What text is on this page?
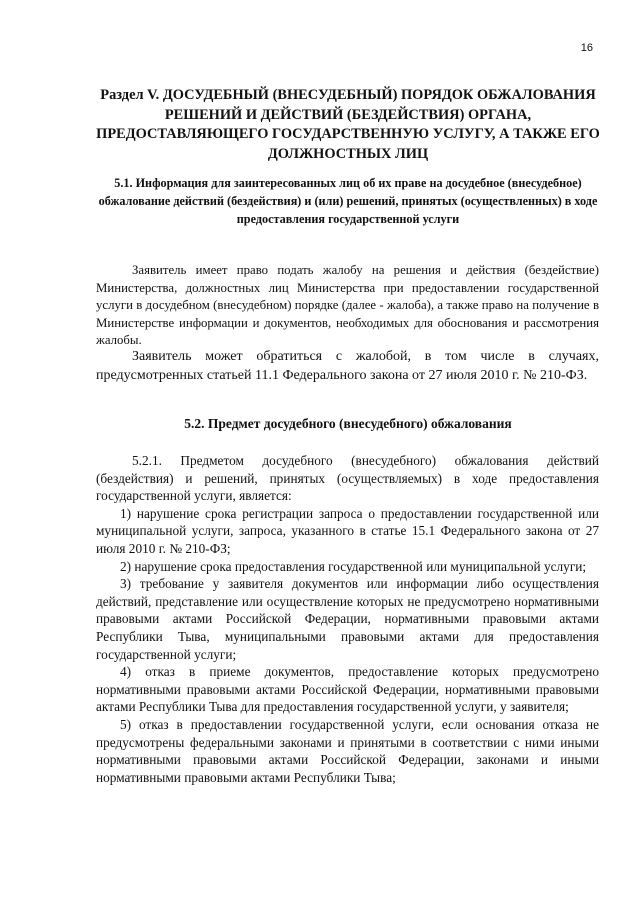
16
Раздел V. ДОСУДЕБНЫЙ (ВНЕСУДЕБНЫЙ) ПОРЯДОК ОБЖАЛОВАНИЯ РЕШЕНИЙ И ДЕЙСТВИЙ (БЕЗДЕЙСТВИЯ) ОРГАНА, ПРЕДОСТАВЛЯЮЩЕГО ГОСУДАРСТВЕННУЮ УСЛУГУ, А ТАКЖЕ ЕГО ДОЛЖНОСТНЫХ ЛИЦ
5.1. Информация для заинтересованных лиц об их праве на досудебное (внесудебное) обжалование действий (бездействия) и (или) решений, принятых (осуществленных) в ходе предоставления государственной услуги

Заявитель имеет право подать жалобу на решения и действия (бездействие) Министерства, должностных лиц Министерства при предоставлении государственной услуги в досудебном (внесудебном) порядке (далее - жалоба), а также право на получение в Министерстве информации и документов, необходимых для обоснования и рассмотрения жалобы.

Заявитель может обратиться с жалобой, в том числе в случаях, предусмотренных статьей 11.1 Федерального закона от 27 июля 2010 г. № 210-ФЗ.

5.2. Предмет досудебного (внесудебного) обжалования

5.2.1. Предметом досудебного (внесудебного) обжалования действий (бездействия) и решений, принятых (осуществляемых) в ходе предоставления государственной услуги, является:

1) нарушение срока регистрации запроса о предоставлении государственной или муниципальной услуги, запроса, указанного в статье 15.1 Федерального закона от 27 июля 2010 г. № 210-ФЗ;

2) нарушение срока предоставления государственной или муниципальной услуги;

3) требование у заявителя документов или информации либо осуществления действий, представление или осуществление которых не предусмотрено нормативными правовыми актами Российской Федерации, нормативными правовыми актами Республики Тыва, муниципальными правовыми актами для предоставления государственной услуги;

4) отказ в приеме документов, предоставление которых предусмотрено нормативными правовыми актами Российской Федерации, нормативными правовыми актами Республики Тыва для предоставления государственной услуги, у заявителя;

5) отказ в предоставлении государственной услуги, если основания отказа не предусмотрены федеральными законами и принятыми в соответствии с ними иными нормативными правовыми актами Российской Федерации, законами и иными нормативными правовыми актами Республики Тыва;
